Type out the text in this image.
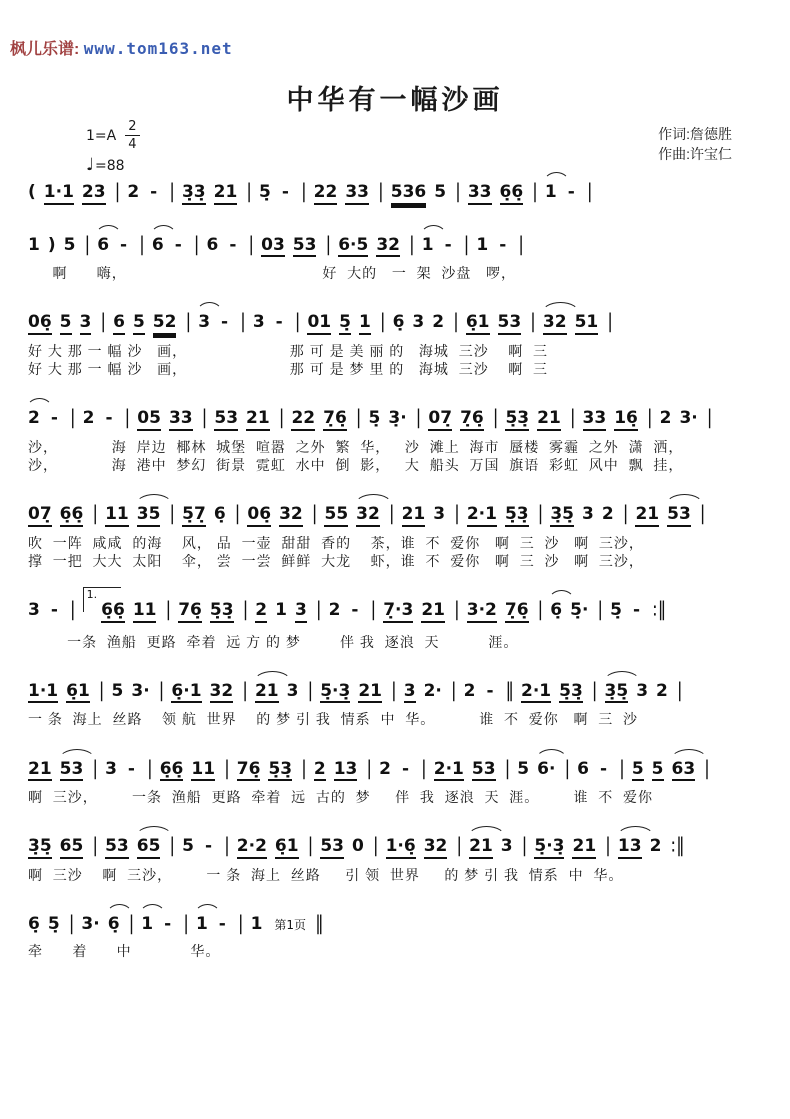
枫儿乐谱: www.tom163.net
中华有一幅沙画
$1=A \frac{2}{4}$
♩=88
作词:詹德胜
作曲:许宝仁
( 1·1 23 | 2 - | 3̣3̣ 21 | 5̣ - | 22 33 | 536 5 | 33 6̣6̣ | 1 - |
1 ) 5 | 6 - | 6 - | 6 - | 03 53 | 6·5 32 | 1 - | 1 - |
啊      嗨，                                        好  大的   一  架  沙盘   啰，
06̣ 5 3 | 6 5 52 | 3 - | 3 - | 01 5̣ 1 | 6̣ 3 2 | 6̣1 53 | 32 51 |
好 大 那 一 幅 沙   画，                     那 可 是 美 丽 的   海城  三沙    啊  三
好 大 那 一 幅 沙   画，                     那 可 是 梦 里 的   海城  三沙    啊  三
2 - | 2 - | 05 33 | 53 21 | 22 7̣6̣ | 5̣ 3̣· | 07̣ 7̣6̣ | 5̣3̣ 21 | 33 16̣ | 2 3· |
沙，           海  岸边  椰林  城堡  喧嚣  之外  繁  华，   沙  滩上  海市  蜃楼  雾霾  之外  潇  洒，
沙，           海  港中  梦幻  街景  霓虹  水中  倒  影，   大  船头  万国  旗语  彩虹  风中  飘  挂，
07̣ 6̣6̣ | 11 35 | 5̣7̣ 6̣ | 06̣ 32 | 55 32 | 21 3 | 2·1 5̣3̣ | 3̣5̣ 3 2 | 21 53 |
吹  一阵  咸咸  的海    风， 品  一壶  甜甜  香的    茶，谁  不  爱你   啊  三  沙   啊  三沙，
撑  一把  大大  太阳    伞， 尝  一尝  鲜鲜  大龙    虾，谁  不  爱你   啊  三  沙   啊  三沙，
3 - |1.6̣6̣ 11 | 76̣ 5̣3̣ | 2 1 3 | 2 - | 7̣·3 21 | 3·2 7̣6̣ | 6̣ 5̣· | 5̣ - :‖
一条  渔船  更路  牵着  远 方 的 梦        伴 我  逐浪  天          涯。
1·1 6̣1 | 5 3· | 6̣·1 32 | 21 3 | 5̣·3̣ 21 | 3 2· | 2 - ‖ 2·1 5̣3̣ | 3̣5̣ 3 2 |
一 条  海上  丝路    领 航  世界    的 梦 引 我  情系  中  华。         谁  不  爱你   啊  三  沙
21 53 | 3 - | 6̣6̣ 11 | 76̣ 5̣3̣ | 2 13 | 2 - | 2·1 53 | 5 6· | 6 - | 5 5 63 |
啊  三沙，       一条  渔船  更路  牵着  远  古的  梦     伴  我  逐浪  天  涯。       谁  不  爱你
3̣5̣ 65 | 53 65 | 5 - | 2·2 6̣1 | 53 0 | 1·6̣ 32 | 21 3 | 5̣·3̣ 21 | 13 2 :‖
啊  三沙    啊  三沙，       一 条  海上  丝路     引 领  世界     的 梦 引 我  情系  中  华。
6̣ 5̣ | 3· 6̣ | 1 - | 1 - | 1 第1页 ‖
牵      着      中            华。
